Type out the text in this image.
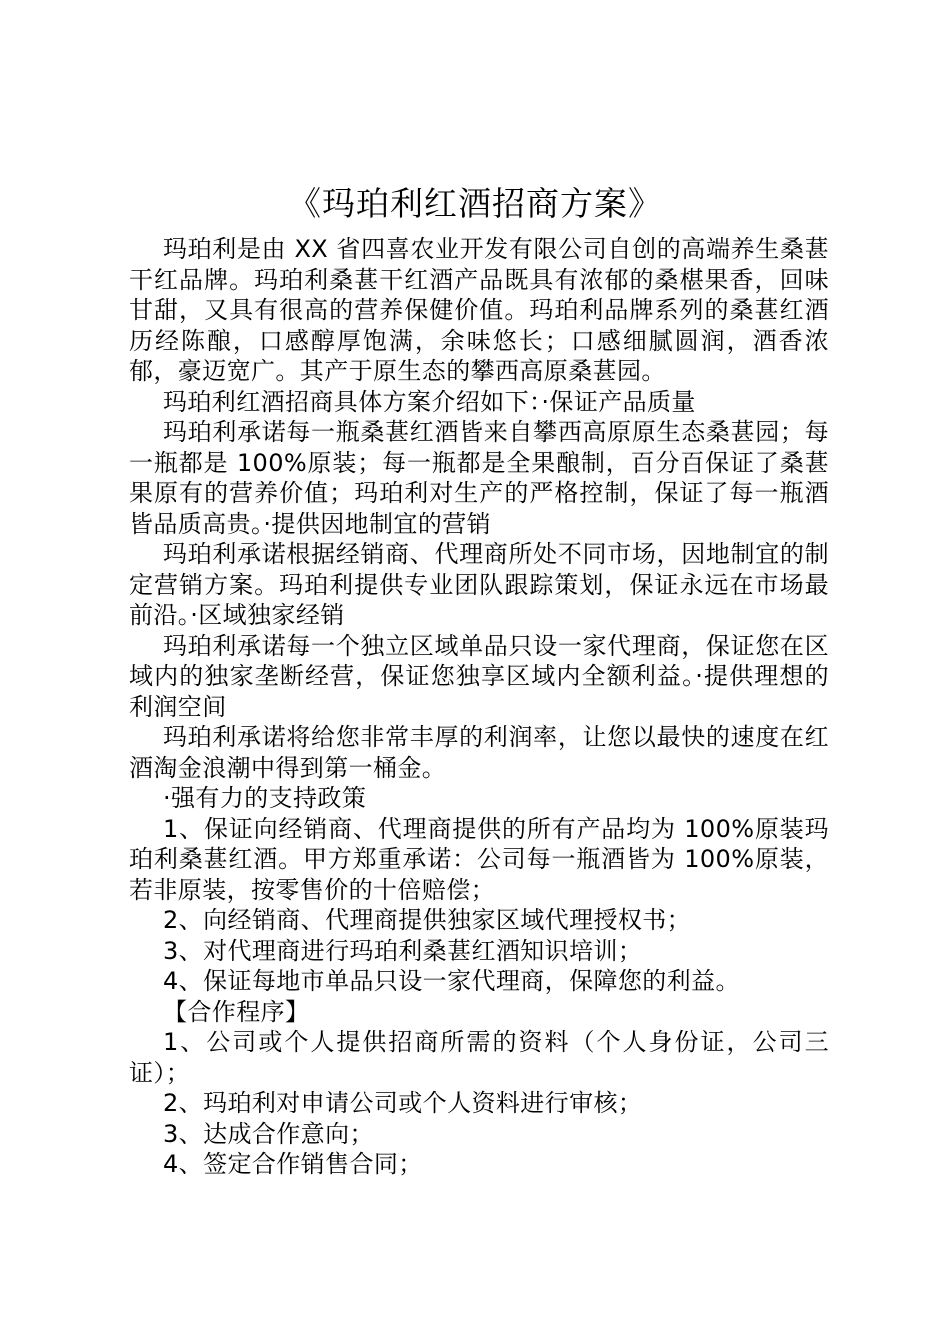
《玛珀利红酒招商方案》

玛珀利是由 XX 省四喜农业开发有限公司自创的高端养生桑葚干红品牌。玛珀利桑葚干红酒产品既具有浓郁的桑椹果香，回味甘甜，又具有很高的营养保健价值。玛珀利品牌系列的桑葚红酒历经陈酿，口感醇厚饱满，余味悠长；口感细腻圆润，酒香浓郁，豪迈宽广。其产于原生态的攀西高原桑葚园。

玛珀利红酒招商具体方案介绍如下：·保证产品质量

玛珀利承诺每一瓶桑葚红酒皆来自攀西高原原生态桑葚园；每一瓶都是 100%原装；每一瓶都是全果酿制，百分百保证了桑葚果原有的营养价值；玛珀利对生产的严格控制，保证了每一瓶酒皆品质高贵。·提供因地制宜的营销

玛珀利承诺根据经销商、代理商所处不同市场，因地制宜的制定营销方案。玛珀利提供专业团队跟踪策划，保证永远在市场最前沿。·区域独家经销

玛珀利承诺每一个独立区域单品只设一家代理商，保证您在区域内的独家垄断经营，保证您独享区域内全额利益。·提供理想的利润空间

玛珀利承诺将给您非常丰厚的利润率，让您以最快的速度在红酒淘金浪潮中得到第一桶金。

·强有力的支持政策

1、保证向经销商、代理商提供的所有产品均为 100%原装玛珀利桑葚红酒。甲方郑重承诺：公司每一瓶酒皆为 100%原装，若非原装，按零售价的十倍赔偿；

2、向经销商、代理商提供独家区域代理授权书；

3、对代理商进行玛珀利桑葚红酒知识培训；

4、保证每地市单品只设一家代理商，保障您的利益。

【合作程序】

1、公司或个人提供招商所需的资料（个人身份证，公司三证）；

2、玛珀利对申请公司或个人资料进行审核；

3、达成合作意向；

4、签定合作销售合同；
